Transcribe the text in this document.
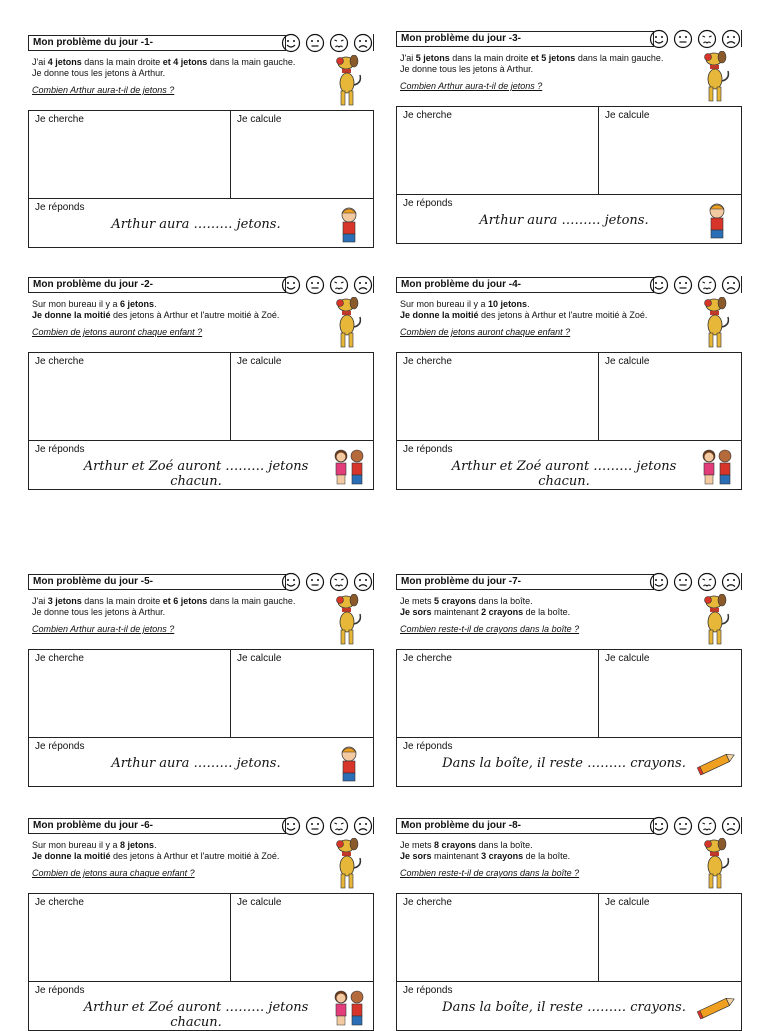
Mon problème du jour -1-
J'ai 4 jetons dans la main droite et 4 jetons dans la main gauche.
Je donne tous les jetons à Arthur.
Combien Arthur aura-t-il de jetons ?
Je cherche	Je calcule
Je réponds
Arthur aura ……… jetons.
Mon problème du jour -3-
J'ai 5 jetons dans la main droite et 5 jetons dans la main gauche.
Je donne tous les jetons à Arthur.
Combien Arthur aura-t-il de jetons ?
Je cherche	Je calcule
Je réponds
Arthur aura ……… jetons.
Mon problème du jour -2-
Sur mon bureau il y a 6 jetons.
Je donne la moitié des jetons à Arthur et l'autre moitié à Zoé.
Combien de jetons auront chaque enfant ?
Je cherche	Je calcule
Je réponds
Arthur et Zoé auront ……… jetons chacun.
Mon problème du jour -4-
Sur mon bureau il y a 10 jetons.
Je donne la moitié des jetons à Arthur et l'autre moitié à Zoé.
Combien de jetons auront chaque enfant ?
Je cherche	Je calcule
Je réponds
Arthur et Zoé auront ……… jetons chacun.
Mon problème du jour -5-
J'ai 3 jetons dans la main droite et 6 jetons dans la main gauche.
Je donne tous les jetons à Arthur.
Combien Arthur aura-t-il de jetons ?
Je cherche	Je calcule
Je réponds
Arthur aura ……… jetons.
Mon problème du jour -7-
Je mets 5 crayons dans la boîte.
Je sors maintenant 2 crayons de la boîte.
Combien reste-t-il de crayons dans la boîte ?
Je cherche	Je calcule
Je réponds
Dans la boîte, il reste ……… crayons.
Mon problème du jour -6-
Sur mon bureau il y a 8 jetons.
Je donne la moitié des jetons à Arthur et l'autre moitié à Zoé.
Combien de jetons aura chaque enfant ?
Je cherche	Je calcule
Je réponds
Arthur et Zoé auront ……… jetons chacun.
Mon problème du jour -8-
Je mets 8 crayons dans la boîte.
Je sors maintenant 3 crayons de la boîte.
Combien reste-t-il de crayons dans la boîte ?
Je cherche	Je calcule
Je réponds
Dans la boîte, il reste ……… crayons.
